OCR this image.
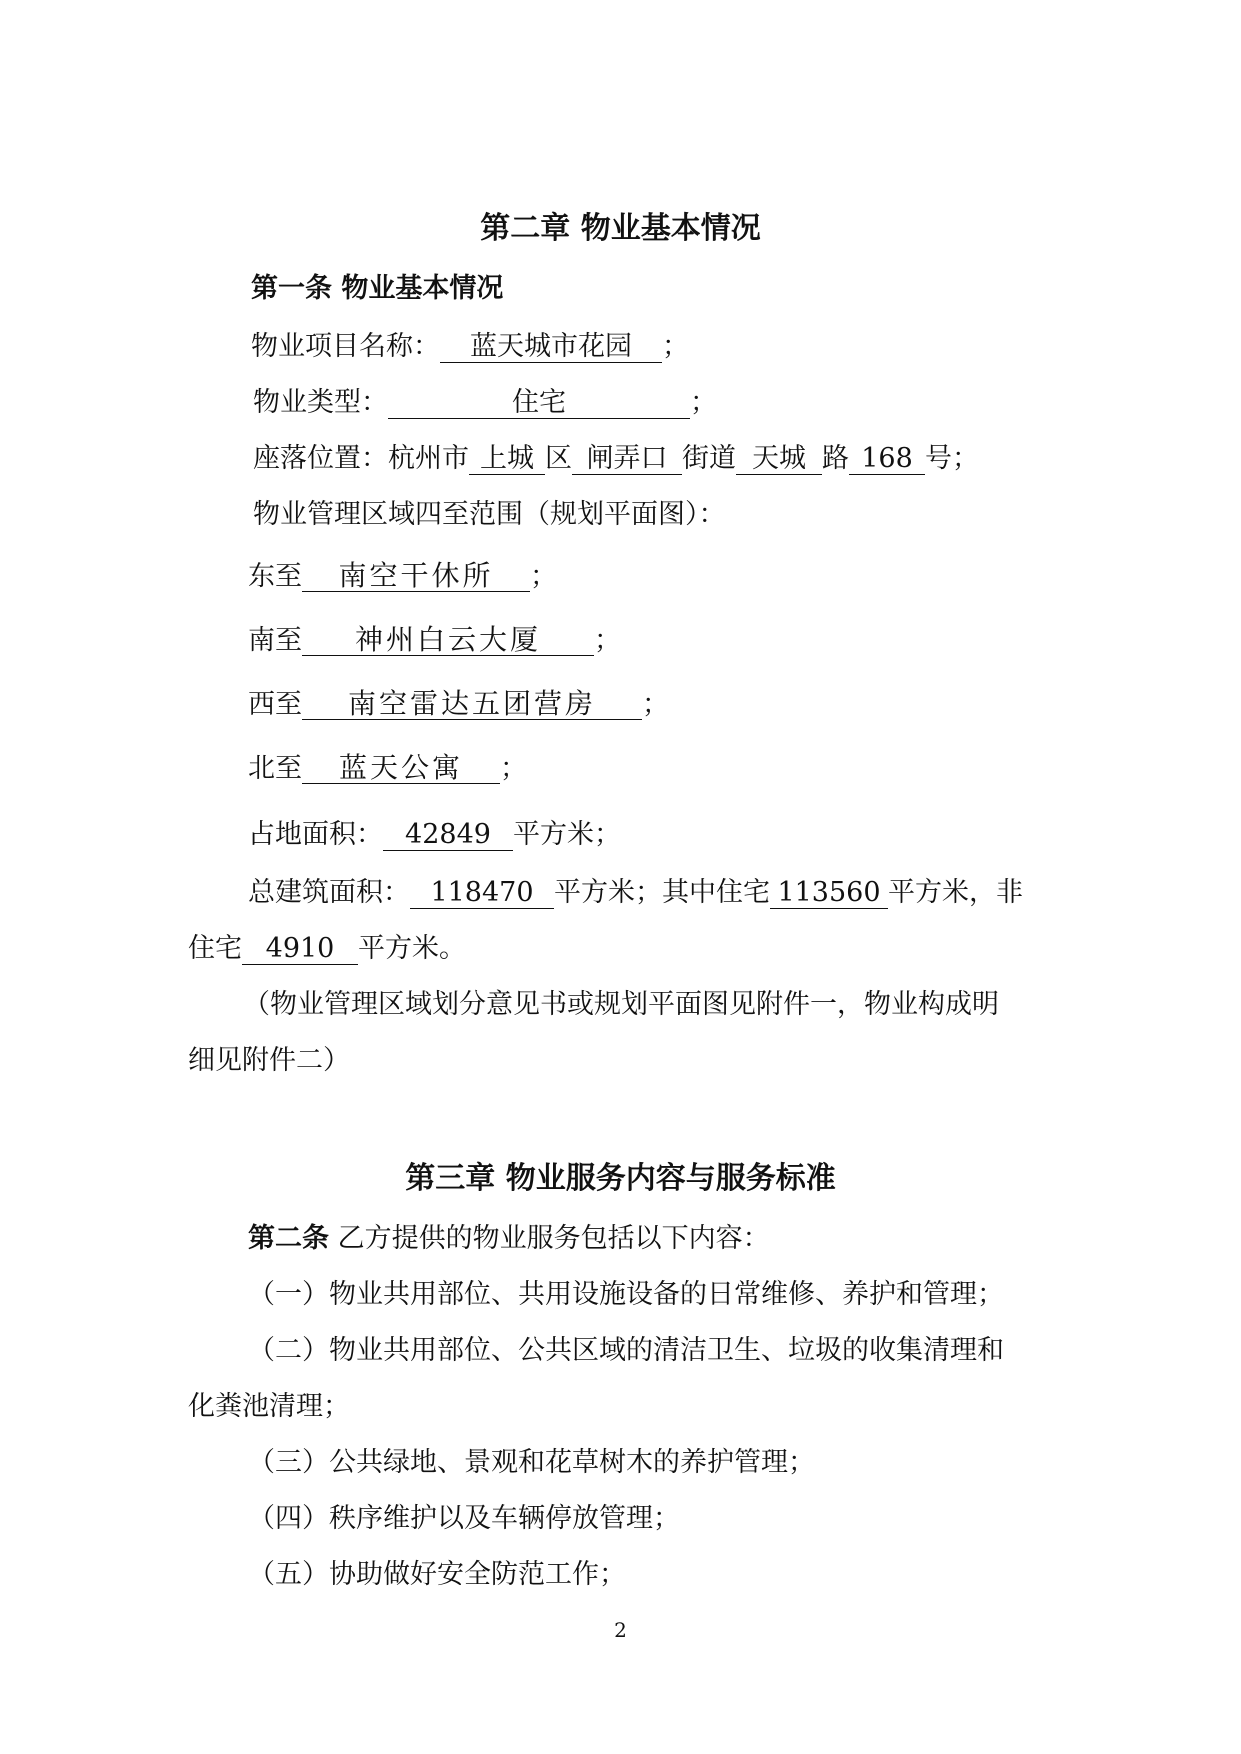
第二章 物业基本情况
第一条 物业基本情况
物业项目名称： 蓝天城市花园 ；
物业类型：	住宅	；
座落位置：杭州市 上城 区 闸弄口 街道 天城 路 168 号；
物业管理区域四至范围（规划平面图）：
东至 南空干休所 ；
南至 神州白云大厦 ；
西至 南空雷达五团营房 ；
北至 蓝天公寓 ；
占地面积： 42849 平方米；
总建筑面积： 118470 平方米；其中住宅 113560 平方米，非
住宅 4910 平方米。
（物业管理区域划分意见书或规划平面图见附件一，物业构成明
细见附件二）
第三章 物业服务内容与服务标准
第二条 乙方提供的物业服务包括以下内容：
（一）物业共用部位、共用设施设备的日常维修、养护和管理；
（二）物业共用部位、公共区域的清洁卫生、垃圾的收集清理和
化粪池清理；
（三）公共绿地、景观和花草树木的养护管理；
（四）秩序维护以及车辆停放管理；
（五）协助做好安全防范工作；
2
